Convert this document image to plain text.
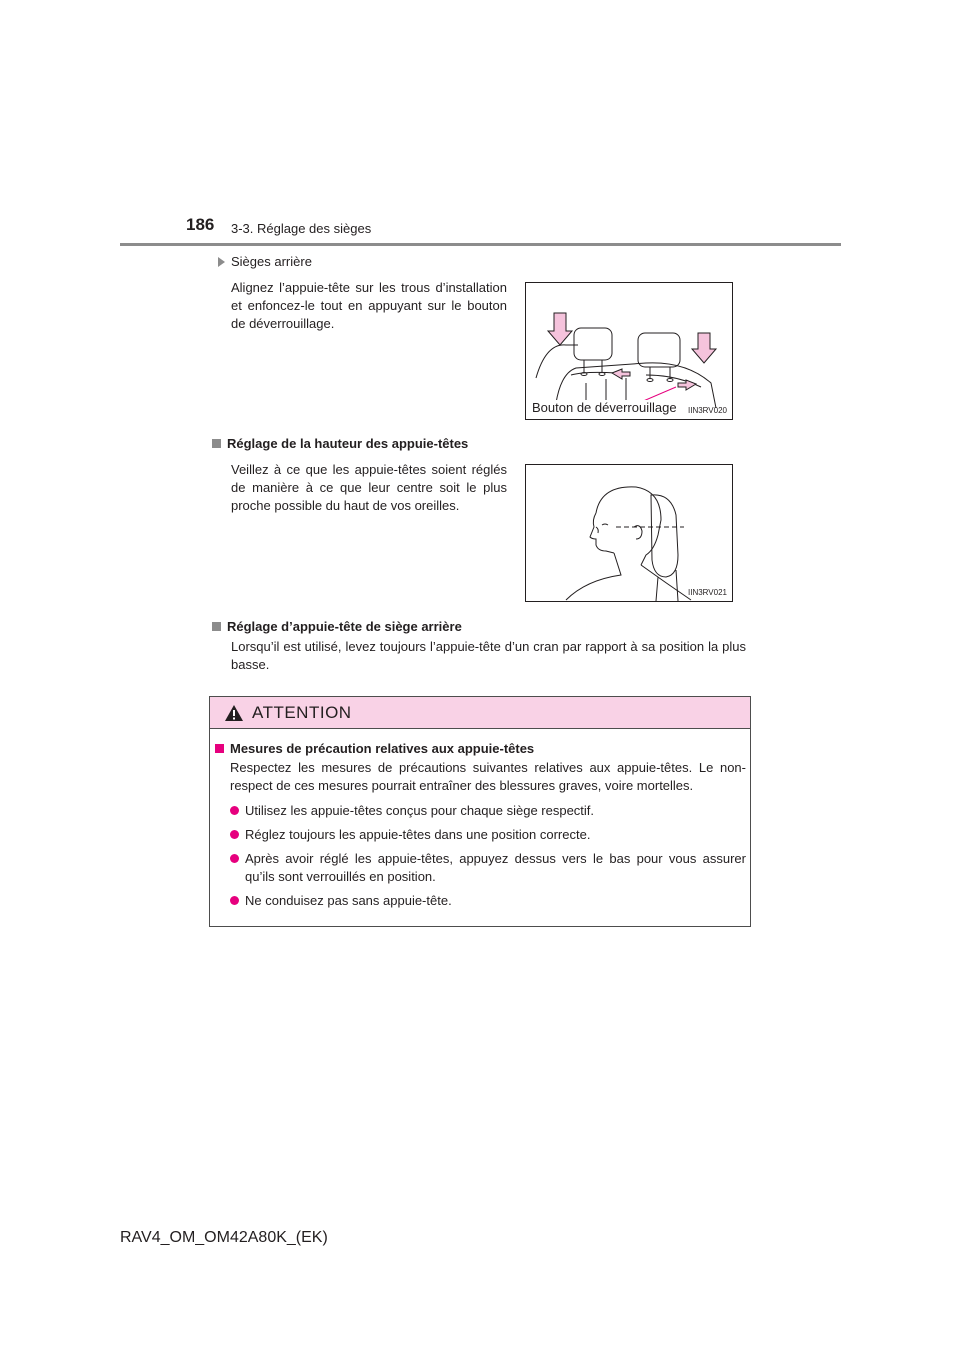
186 3-3. Réglage des sièges
Sièges arrière
Alignez l’appuie-tête sur les trous d’installation et enfoncez-le tout en appuyant sur le bouton de déverrouillage.
Bouton de déverrouillage IIN3RV020
Réglage de la hauteur des appuie-têtes
Veillez à ce que les appuie-têtes soient réglés de manière à ce que leur centre soit le plus proche possible du haut de vos oreilles.
IIN3RV021
Réglage d’appuie-tête de siège arrière
Lorsqu’il est utilisé, levez toujours l’appuie-tête d’un cran par rapport à sa position la plus basse.
ATTENTION
Mesures de précaution relatives aux appuie-têtes
Respectez les mesures de précautions suivantes relatives aux appuie-têtes. Le non-respect de ces mesures pourrait entraîner des blessures graves, voire mortelles.
Utilisez les appuie-têtes conçus pour chaque siège respectif.
Réglez toujours les appuie-têtes dans une position correcte.
Après avoir réglé les appuie-têtes, appuyez dessus vers le bas pour vous assurer qu’ils sont verrouillés en position.
Ne conduisez pas sans appuie-tête.
RAV4_OM_OM42A80K_(EK)
